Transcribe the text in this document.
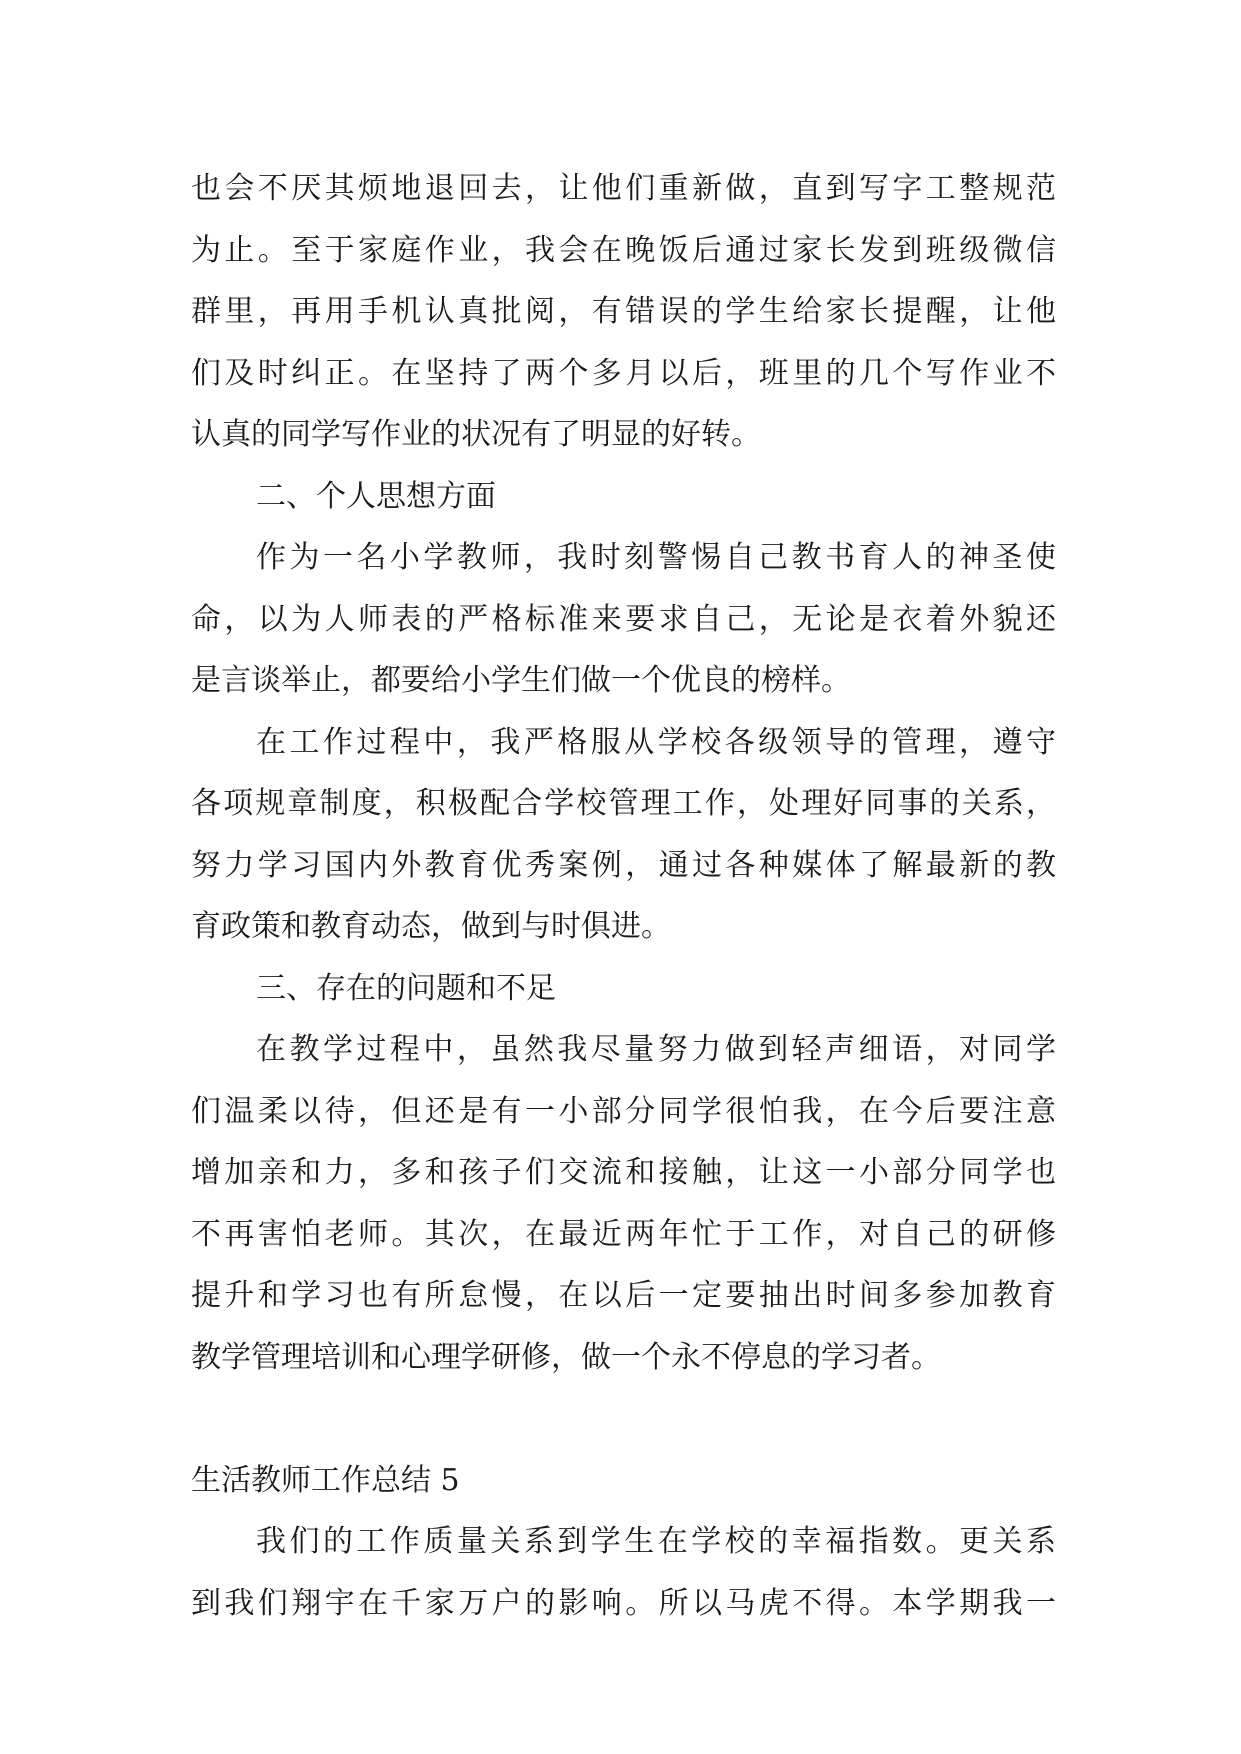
也会不厌其烦地退回去，让他们重新做，直到写字工整规范
为止。至于家庭作业，我会在晚饭后通过家长发到班级微信
群里，再用手机认真批阅，有错误的学生给家长提醒，让他
们及时纠正。在坚持了两个多月以后，班里的几个写作业不
认真的同学写作业的状况有了明显的好转。
二、个人思想方面
作为一名小学教师，我时刻警惕自己教书育人的神圣使
命，以为人师表的严格标准来要求自己，无论是衣着外貌还
是言谈举止，都要给小学生们做一个优良的榜样。
在工作过程中，我严格服从学校各级领导的管理，遵守
各项规章制度，积极配合学校管理工作，处理好同事的关系，
努力学习国内外教育优秀案例，通过各种媒体了解最新的教
育政策和教育动态，做到与时俱进。
三、存在的问题和不足
在教学过程中，虽然我尽量努力做到轻声细语，对同学
们温柔以待，但还是有一小部分同学很怕我，在今后要注意
增加亲和力，多和孩子们交流和接触，让这一小部分同学也
不再害怕老师。其次，在最近两年忙于工作，对自己的研修
提升和学习也有所怠慢，在以后一定要抽出时间多参加教育
教学管理培训和心理学研修，做一个永不停息的学习者。
生活教师工作总结 5
我们的工作质量关系到学生在学校的幸福指数。更关系
到我们翔宇在千家万户的影响。所以马虎不得。本学期我一
